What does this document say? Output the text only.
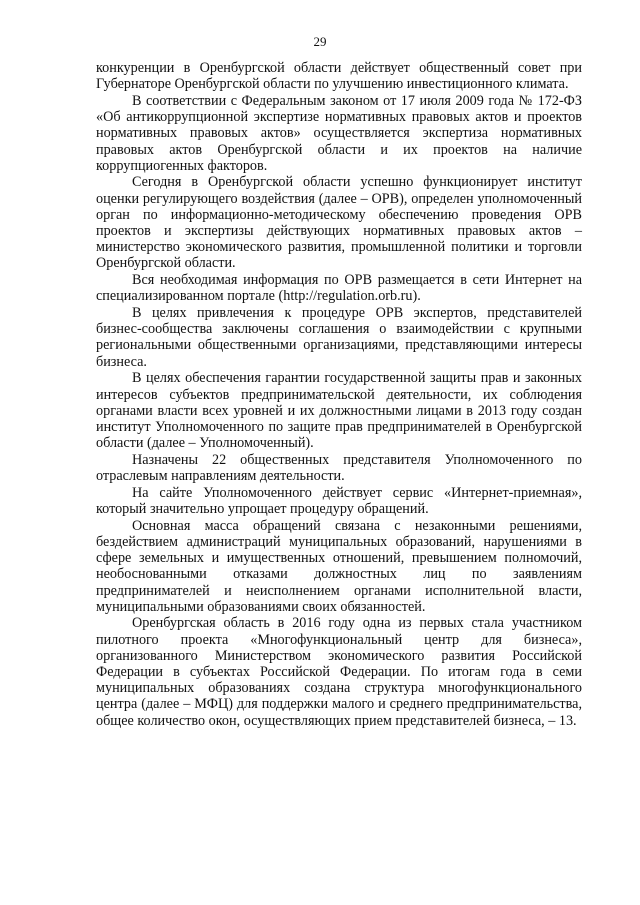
29

конкуренции в Оренбургской области действует общественный совет при Губернаторе Оренбургской области по улучшению инвестиционного климата.

В соответствии с Федеральным законом от 17 июля 2009 года № 172-ФЗ «Об антикоррупционной экспертизе нормативных правовых актов и проектов нормативных правовых актов» осуществляется экспертиза нормативных правовых актов Оренбургской области и их проектов на наличие коррупциогенных факторов.

Сегодня в Оренбургской области успешно функционирует институт оценки регулирующего воздействия (далее – ОРВ), определен уполномоченный орган по информационно-методическому обеспечению проведения ОРВ проектов и экспертизы действующих нормативных правовых актов – министерство экономического развития, промышленной политики и торговли Оренбургской области.

Вся необходимая информация по ОРВ размещается в сети Интернет на специализированном портале (http://regulation.orb.ru).

В целях привлечения к процедуре ОРВ экспертов, представителей бизнес-сообщества заключены соглашения о взаимодействии с крупными региональными общественными организациями, представляющими интересы бизнеса.

В целях обеспечения гарантии государственной защиты прав и законных интересов субъектов предпринимательской деятельности, их соблюдения органами власти всех уровней и их должностными лицами в 2013 году создан институт Уполномоченного по защите прав предпринимателей в Оренбургской области (далее – Уполномоченный).

Назначены 22 общественных представителя Уполномоченного по отраслевым направлениям деятельности.

На сайте Уполномоченного действует сервис «Интернет-приемная», который значительно упрощает процедуру обращений.

Основная масса обращений связана с незаконными решениями, бездействием администраций муниципальных образований, нарушениями в сфере земельных и имущественных отношений, превышением полномочий, необоснованными отказами должностных лиц по заявлениям предпринимателей и неисполнением органами исполнительной власти, муниципальными образованиями своих обязанностей.

Оренбургская область в 2016 году одна из первых стала участником пилотного проекта «Многофункциональный центр для бизнеса», организованного Министерством экономического развития Российской Федерации в субъектах Российской Федерации. По итогам года в семи муниципальных образованиях создана структура многофункционального центра (далее – МФЦ) для поддержки малого и среднего предпринимательства, общее количество окон, осуществляющих прием представителей бизнеса, – 13.
